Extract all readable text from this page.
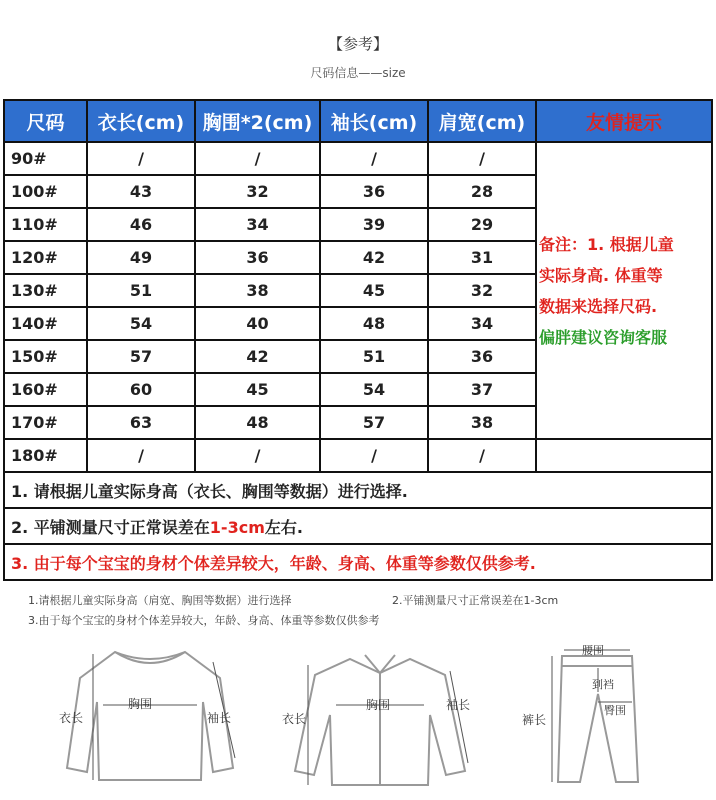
【参考】
尺码信息——size
尺码	衣长(cm)	胸围*2(cm)	袖长(cm)	肩宽(cm)	友情提示
90#	/	/	/	/	备注：1. 根据儿童
实际身高. 体重等
数据来选择尺码.
偏胖建议咨询客服

100#	43	32	36	28	
110#	46	34	39	29	
120#	49	36	42	31	
130#	51	38	45	32	
140#	54	40	48	34	
150#	57	42	51	36	
160#	60	45	54	37	
170#	63	48	57	38	
180#	/	/	/	/	
1. 请根据儿童实际身高（衣长、胸围等数据）进行选择.					
2. 平铺测量尺寸正常误差在1-3cm左右.					
3. 由于每个宝宝的身材个体差异较大，年龄、身高、体重等参数仅供参考.					
1.请根据儿童实际身高（肩宽、胸围等数据）进行选择	2.平铺测量尺寸正常误差在1-3cm
3.由于每个宝宝的身材个体差异较大，年龄、身高、体重等参数仅供参考
衣长
胸围
袖长	衣长
胸围	袖长
腰围
到裆
臀围
裤长
